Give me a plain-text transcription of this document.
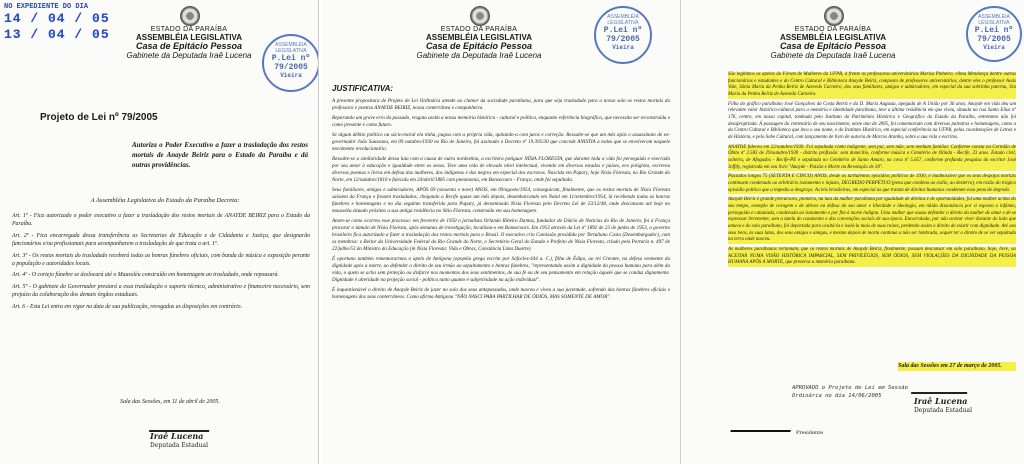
NO EXPEDIENTE DO DIA
14 / 04 / 05
13 / 04 / 05	ESTADO DA PARAÍBA
ASSEMBLÉIA LEGISLATIVA
Casa de Epitácio Pessoa
Gabinete da Deputada Iraê Lucena
ASSEMBLÉIA LEGISLATIVA
P.Lei nº 79/2005
Vieira
Projeto de Lei nº 79/2005
Autoriza o Poder Executivo a fazer a trasladação dos restos mortais de Anayde Beiriz para o Estado da Paraíba e dá outras providências.
A Assembléia Legislativa do Estado da Paraíba Decreta:

Art. 1º - Fica autorizado o poder executivo a fazer a trasladação dos restos mortais de ANAYDE BEIRIZ para o Estado da Paraíba.

Art. 2º - Fica encarregada dessa transferência as Secretarias de Educação e de Cidadania e Justiça, que designarão funcionários e/ou profissionais para acompanharem a trasladação de que trata o art. 1º.

Art. 3º - Os restos mortais do trasladado receberá todas as honras fúnebres oficiais, com banda de música e exposição perante a população e autoridades locais.

Art. 4º - O cortejo fúnebre se deslocará até o Mausoléu construído em homenagem ao trasladado, onde repousará.

Art. 5º - O gabinete do Governador prestará a essa trasladação o suporte técnico, administrativo e financeiro necessário, sem prejuízo da colaboração dos demais órgãos estaduais.

Art. 6 - Esta Lei entra em vigor na data de sua publicação, revogadas as disposições em contrário.

Sala das Sessões, em 11 de abril de 2005.
Iraê Lucena
Deputada Estadual
ESTADO DA PARAÍBA
ASSEMBLÉIA LEGISLATIVA
Casa de Epitácio Pessoa
Gabinete da Deputada Iraê Lucena
ASSEMBLÉIA LEGISLATIVA
P.Lei nº 79/2005
Vieira
JUSTIFICATIVA:

A presente propositura de Projeto de Lei Ordinária atende ao clamor da sociedade paraibana, para que seja trasladado para o nosso solo os restos mortais da professora e poetisa ANAYDE BEIRIZ, nossa conterrânea e companheira.

Reparando um grave erro do passado, resgata assim a nossa memória histórica - cultural e política, enquanto referência biográfica, que necessita ser reconstruída e como presente e como futuro.

Se algum débito político ou sócio-moral ela tinha, pagou com a própria vida, quitando-a com juros e correção. Ressalte-se que um mês após o assassinato de ex-governador João Suassuna, em 09 outubro/1930 no Rio de Janeiro, foi assinado o Decreto nº 19.395/30 que concede ANISTIA a todos que se envolveram naquele movimento revolucionário.

Ressalte-se a similaridade dessa luta com a causa de outra nordestina, a escritora potiguar NÍSIA FLORESTA, que durante toda a vida foi perseguida e execrada por seu amor à educação e igualdade entre os sexos. Teve uma vida de elevado nível intelectual, vivendo em diversos estados e países, era poliglota, escreveu diversos poemas e livros em defesa das mulheres, dos indígenas e dos negros em especial dos escravos. Nascida em Papary, hoje Nísia Floresta, no Rio Grande do Norte, em 12/outubro/1810 e falecida em 24/abril/1885 com pneumonia, em Bonsecours - França, onde foi sepultada.

Seus familiares, amigos e admiradores, APÓS 69 (sessenta e nove) ANOS, em 09/agosto/1954, conseguiram, finalmente, que os restos mortais de Nísia Floresta saíssem da França e fossem trasladados, chegando a Recife quase um mês depois, desembarcando em Natal em 11/setembro/1954, lá recebendo todas as honras fúnebres e homenagens e no dia seguinte transferido para Papary, já denominado Nísia Floresta pelo Decreto Lei de 23/12/48, onde descansam até hoje no mausoléu situado próximo a sua antiga residência no Sítio Floresta, construído em sua homenagem.

Anote-se como ocorreu esse processo: em fevereiro de 1950 o jornalista Orlando Ribeiro Dantas, fundador do Diário de Notícias do Rio de Janeiro, foi à França procurar o túmulo de Nísia Floresta, após semanas de investigação, localizou-o em Bonsecours. Em 1953 através da Lei nº 1892 de 23 de junho de 1953, o governo brasileiro fica autorizado a fazer a trasladação dos restos mortais para o Brasil. O executivo cria Comissão presidida por Tertuliano Costa (Desembargador), com os membros: o Reitor da Universidade Federal do Rio Grande do Norte, o Secretário Geral do Estado e Prefeito de Nísia Floresta, criado pela Portaria n. 497 de 22/julho/53 do Ministro da Educação (in Nísia Floresta: Vida e Obras, Constância Lima Duarte).

É oportuno também rememorarmos o apelo de Antígona (epopéia grega escrita por Sófocles-444 a. C.), filha de Édipo, ao rei Creonte, na defesa veemente da dignidade após a morte, ao defender o direito de seu irmão ao sepultamento e honras fúnebres, "representando assim a dignidade da pessoa humana para além da vida, o quem se acha sem proteção ou disfarce nos momentos dos seus sentimentos, de sua fé ou de seu pensamento em relação àquele que se conduz dignamente. Dignidade é alteridade na projeção social - política tanto quanto é subjetividade na ação individual".

É inquestionável o direito de Anayde Beiriz de jazer no solo dos seus antepassados, onde nasceu e viveu a sua juventude, sofrendo das honras fúnebres oficiais e homenagens dos seus conterrâneos. Como afirma Antígona "NÃO NASCI PARA PARTILHAR DE ÓDIOS, MAS SOMENTE DE AMOR".

ESTADO DA PARAÍBA
ASSEMBLÉIA LEGISLATIVA
Casa de Epitácio Pessoa
Gabinete da Deputada Iraê Lucena
ASSEMBLÉIA LEGISLATIVA
P.Lei nº 79/2005
Vieira

São legítimos os apelos do Fórum de Mulheres da UFPB, à frente as professoras universitárias Marisa Pinheiro, vilma Mendonça dentre outras funcionárias e estudantes e do Centro Cultural e Biblioteca Anayde Beiriz, composto de professores universitários, dentre eles o professor Assis Vale, Sônia Maria da Penha Beiriz de Azevedo Carneiro, dos seus familiares, amigos e admiradores, em especial da sua sobrinha paterna, Sra Maria da Penha Beiriz de Azevedo Carneiro.

Filha do gráfico paraibano José Gonçalves da Costa Beiriz e da D. Maria Augusta, apegada de A União por 36 anos, Anayde em vida deu um relevante valor histórico-cultural para a memória e identidade paraibana, teve a última residência em que viveu, situada na rua Santo Elias nº 176, centro, em nossa capital, tombada pelo Instituto do Patrimônio Histórico e Geográfico do Estado da Paraíba, entretanto não foi desapropriada. À passagem do centenário de seu nascimento, neste ano de 2005, foi comemorado com diversas palestras e homenagens, como a do Centro Cultural e Biblioteca que leva o seu nome, e do Instituto Histórico, em especial conferência na UFPB, pelas coordenações de Letras e de História, e pelo Sobe Cultural, com lançamento de livro de autoria de Marcos Aranha, sobre a sua vida e escritos.

ANAYDE faleceu em 22/outubro/1930. Foi sepultada como indigente, sem pai, sem mãe, sem nenhum familiar. Conforme consta na Certidão de Óbito nº 2.583 de 29/outubro/1930 - distrito profissão: sem domicílio, conforme música o Cemitério de Olinda - Recife, 23 anos. Estado civil, solteira, de Afogados - Recife-PE e sepultada no Cemitério de Santo Amaro, na cova nº 5.657, conforme profunda pesquisa do escritor José Joffily, registrada em seu livro "Anayde - Paixão e Morte na Revolução de 30".

Passados longos 75 (SETENTA E CINCO) ANOS, desde os turbulentos episódios políticos de 1930, é inadmissível que os seus despojos mortais continuem condenado ao arbitrário isolamento e injusto, DEGREDO PERPÉTUO (pena que condena ao exílio, ao desterro), em razão do trágico episódio político que a impediu a desgraça. As leis brasileiras, em especial as que tratam de direitos humanos condenam essa pena de degredo.

Anayde Beiriz é grande precursora, pioneira, na luta da mulher paraibana por igualdade de direitos e de oportunidades, foi uma mulher acima do seu tempo, exemplo de coragem e de altivez na defesa do seu amor e liberdade e ideologia, em nítida dissonância por si exposta a infâmia, perseguida e caluniada, condenada ao isolamento e por fim à morte indigna. Uma mulher que ousou defender o direito da mulher de amar e de se expressar livremente, sem a tutela do casamento e das convenções sociais de sua época. Encurralada, por não aceitar viver distante do lado que amava e do solo paraibano, foi deportada para ocultá-la e isolá-la mais de suas raízes, perdendo assim o direito de existir com dignidade. Até aos seus bens, às suas lutas, dos seus amigos e amigas, e mesmo depois de morta continua a não ser lembrada, sequer ter o direito de se ver sepultada na terra onde nasceu.

As mulheres paraibanas reclamam, que os restos mortais de Anayde Beiriz, finalmente, possam descansar em solo paraibano, hoje, livre, ao ACEITAR NUMA VISÃO HISTÓRICA IMPARCIAL, SEM PRIVILÉGIOS, SEM ÓDIOS, SEM VIOLAÇÕES DA DIGNIDADE DA PESSOA HUMANA APÓS A MORTE, que preserva a memória paraibana.

Sala das Sessões em 27 de março de 2005.
APROVADO o Projeto de Lei em Sessão Ordinária no dia 14/06/2005
Presidente
Iraê Lucena
Deputada Estadual
